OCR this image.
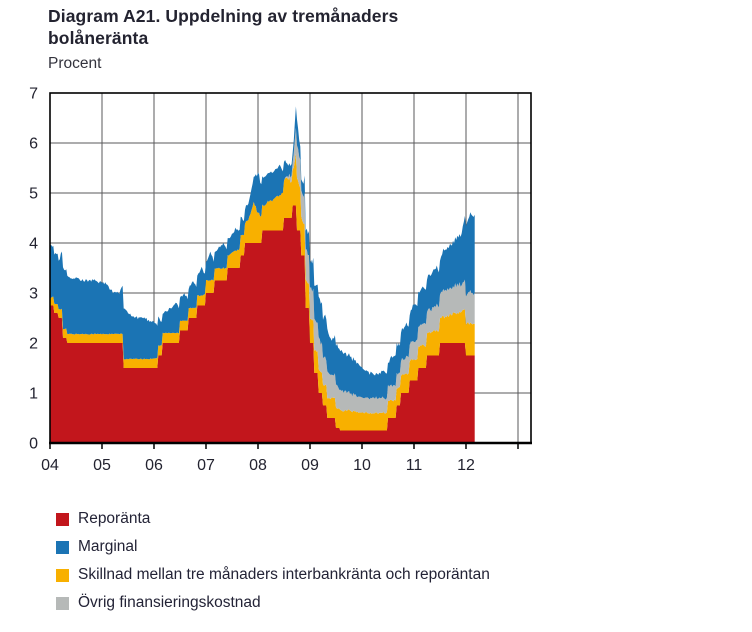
0
1
2
3
4
5
6
7
04 05 06 07 08 09 10 11 12
Diagram A21. Uppdelning av tremånaders
bolåneränta
Procent
Reporänta
Marginal
Skillnad mellan tre månaders interbankränta och reporäntan
Övrig finansieringskostnad
